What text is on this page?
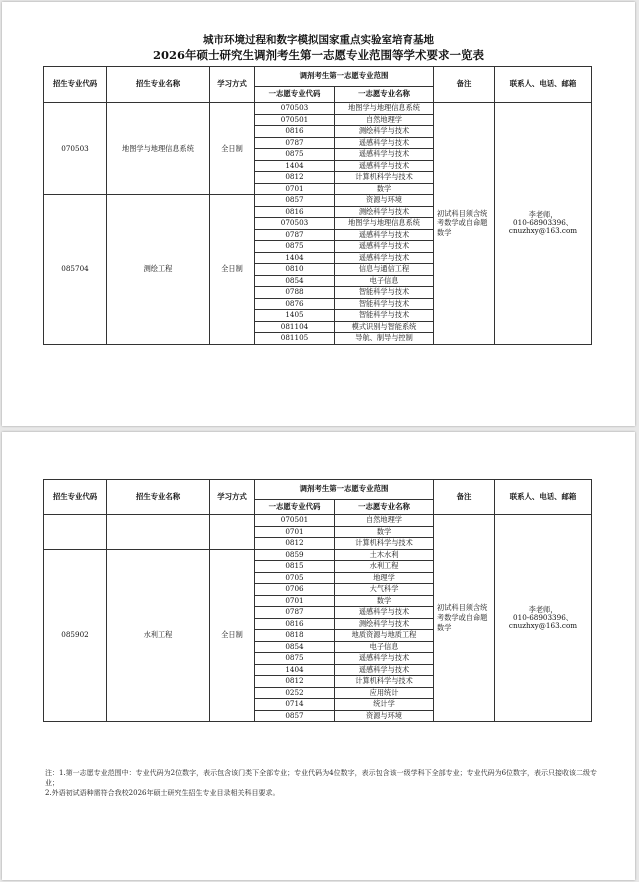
城市环境过程和数字模拟国家重点实验室培育基地
2026年硕士研究生调剂考生第一志愿专业范围等学术要求一览表
招生专业代码	招生专业名称	学习方式	调剂考生第一志愿专业范围		备注	联系人、电话、邮箱
			一志愿专业代码	一志愿专业名称		
070503	地图学与地理信息系统	全日制	070503	地图学与地理信息系统	初试科目须含统考数学或自命题数学	李老师，
010-68903396、
cnuzhxy@163.com

			070501	自然地理学		
			0816	测绘科学与技术		
			0787	遥感科学与技术		
			0875	遥感科学与技术		
			1404	遥感科学与技术		
			0812	计算机科学与技术		
			0701	数学		
085704	测绘工程	全日制	0857	资源与环境		
			0816	测绘科学与技术		
			070503	地图学与地理信息系统		
			0787	遥感科学与技术		
			0875	遥感科学与技术		
			1404	遥感科学与技术		
			0810	信息与通信工程		
			0854	电子信息		
			0788	智能科学与技术		
			0876	智能科学与技术		
			1405	智能科学与技术		
			081104	模式识别与智能系统		
			081105	导航、制导与控制		
招生专业代码	招生专业名称	学习方式	调剂考生第一志愿专业范围		备注	联系人、电话、邮箱
			一志愿专业代码	一志愿专业名称		
			070501	自然地理学	初试科目须含统考数学或自命题数学	李老师，
010-68903396、
cnuzhxy@163.com

			0701	数学		
			0812	计算机科学与技术		
085902	水利工程	全日制	0859	土木水利		
			0815	水利工程		
			0705	地理学		
			0706	大气科学		
			0701	数学		
			0787	遥感科学与技术		
			0816	测绘科学与技术		
			0818	地质资源与地质工程		
			0854	电子信息		
			0875	遥感科学与技术		
			1404	遥感科学与技术		
			0812	计算机科学与技术		
			0252	应用统计		
			0714	统计学		
			0857	资源与环境		
注：1.第一志愿专业范围中：专业代码为2位数字，表示包含该门类下全部专业；专业代码为4位数字，表示包含该一级学科下全部专业；专业代码为6位数字，表示只接收该二级专业；
2.外语初试语种需符合我校2026年硕士研究生招生专业目录相关科目要求。
